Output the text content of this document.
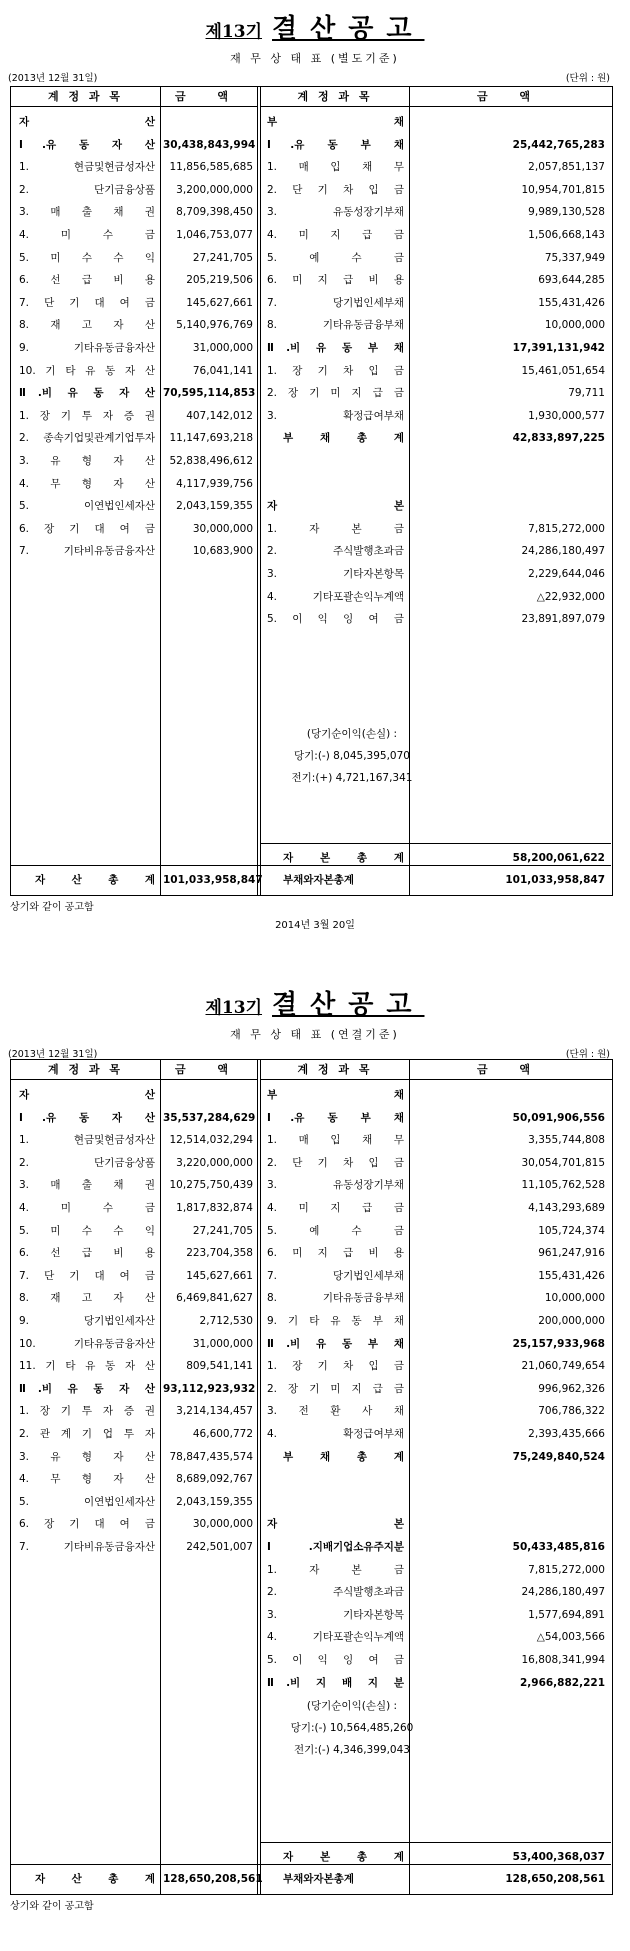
제13기 결산공고
재 무 상 태 표 (별도기준)
(2013년 12월 31일)	(단위 : 원)
계 정 과 목	금 액	계 정 과 목	금 액
자	산
Ⅰ.유 동 자 산 30,438,843,994
1. 현금및현금성자산	11,856,585,685
2. 단기금융상품	3,200,000,000
3. 매 출 채 권	8,709,398,450
4. 미 수 금	1,046,753,077
5. 미 수 수 익	27,241,705
6. 선 급 비 용	205,219,506
7. 단 기 대 여 금	145,627,661
8. 재 고 자 산	5,140,976,769
9. 기타유동금융자산	31,000,000
10. 기 타 유 동 자 산	76,041,141
Ⅱ.비 유 동 자 산 70,595,114,853
1. 장 기 투 자 증 권	407,142,012
2. 종속기업및관계기업투자	11,147,693,218
3. 유 형 자 산	52,838,496,612
4. 무 형 자 산	4,117,939,756
5. 이연법인세자산	2,043,159,355
6. 장 기 대 여 금	30,000,000
7. 기타비유동금융자산	10,683,900
부	채
Ⅰ.유 동 부 채	25,442,765,283
1. 매 입 채 무	2,057,851,137
2. 단 기 차 입 금	10,954,701,815
3. 유동성장기부채	9,989,130,528
4. 미 지 급 금	1,506,668,143
5. 예 수 금	75,337,949
6. 미 지 급 비 용	693,644,285
7. 당기법인세부채	155,431,426
8. 기타유동금융부채	10,000,000
Ⅱ.비 유 동 부 채	17,391,131,942
1. 장 기 차 입 금	15,461,051,654
2. 장 기 미 지 급 금	79,711
3. 확정급여부채	1,930,000,577
부 채 총 계	42,833,897,225
자	본
1. 자 본 금	7,815,272,000
2. 주식발행초과금	24,286,180,497
3. 기타자본항목	2,229,644,046
4. 기타포괄손익누계액	△22,932,000
5. 이 익 잉 여 금	23,891,897,079
(당기순이익(손실) :
당기:(-) 8,045,395,070
전기:(+) 4,721,167,341
자 산 총 계 101,033,958,847
자 본 총 계	58,200,061,622
부채와자본총계	101,033,958,847
상기와 같이 공고함
2014년 3월 20일
제13기 결산공고
재 무 상 태 표 (연결기준)
(2013년 12월 31일)	(단위 : 원)
계 정 과 목	금 액	계 정 과 목	금 액
자	산
Ⅰ.유 동 자 산 35,537,284,629
1. 현금및현금성자산	12,514,032,294
2. 단기금융상품	3,220,000,000
3. 매 출 채 권	10,275,750,439
4. 미 수 금	1,817,832,874
5. 미 수 수 익	27,241,705
6. 선 급 비 용	223,704,358
7. 단 기 대 여 금	145,627,661
8. 재 고 자 산	6,469,841,627
9. 당기법인세자산	2,712,530
10. 기타유동금융자산	31,000,000
11. 기 타 유 동 자 산	809,541,141
Ⅱ.비 유 동 자 산 93,112,923,932
1. 장 기 투 자 증 권	3,214,134,457
2. 관 계 기 업 투 자	46,600,772
3. 유 형 자 산	78,847,435,574
4. 무 형 자 산	8,689,092,767
5. 이연법인세자산	2,043,159,355
6. 장 기 대 여 금	30,000,000
7. 기타비유동금융자산	242,501,007
부	채
Ⅰ.유 동 부 채	50,091,906,556
1. 매 입 채 무	3,355,744,808
2. 단 기 차 입 금	30,054,701,815
3. 유동성장기부채	11,105,762,528
4. 미 지 급 금	4,143,293,689
5. 예 수 금	105,724,374
6. 미 지 급 비 용	961,247,916
7. 당기법인세부채	155,431,426
8. 기타유동금융부채	10,000,000
9. 기 타 유 동 부 채	200,000,000
Ⅱ.비 유 동 부 채	25,157,933,968
1. 장 기 차 입 금	21,060,749,654
2. 장 기 미 지 급 금	996,962,326
3. 전 환 사 채	706,786,322
4. 확정급여부채	2,393,435,666
부 채 총 계	75,249,840,524
자	본
Ⅰ.지배기업소유주지분	50,433,485,816
1. 자 본 금	7,815,272,000
2. 주식발행초과금	24,286,180,497
3. 기타자본항목	1,577,694,891
4. 기타포괄손익누계액	△54,003,566
5. 이 익 잉 여 금	16,808,341,994
Ⅱ.비 지 배 지 분	2,966,882,221
(당기순이익(손실) :
당기:(-) 10,564,485,260
전기:(-) 4,346,399,043
자 산 총 계 128,650,208,561
자 본 총 계	53,400,368,037
부채와자본총계	128,650,208,561
상기와 같이 공고함
